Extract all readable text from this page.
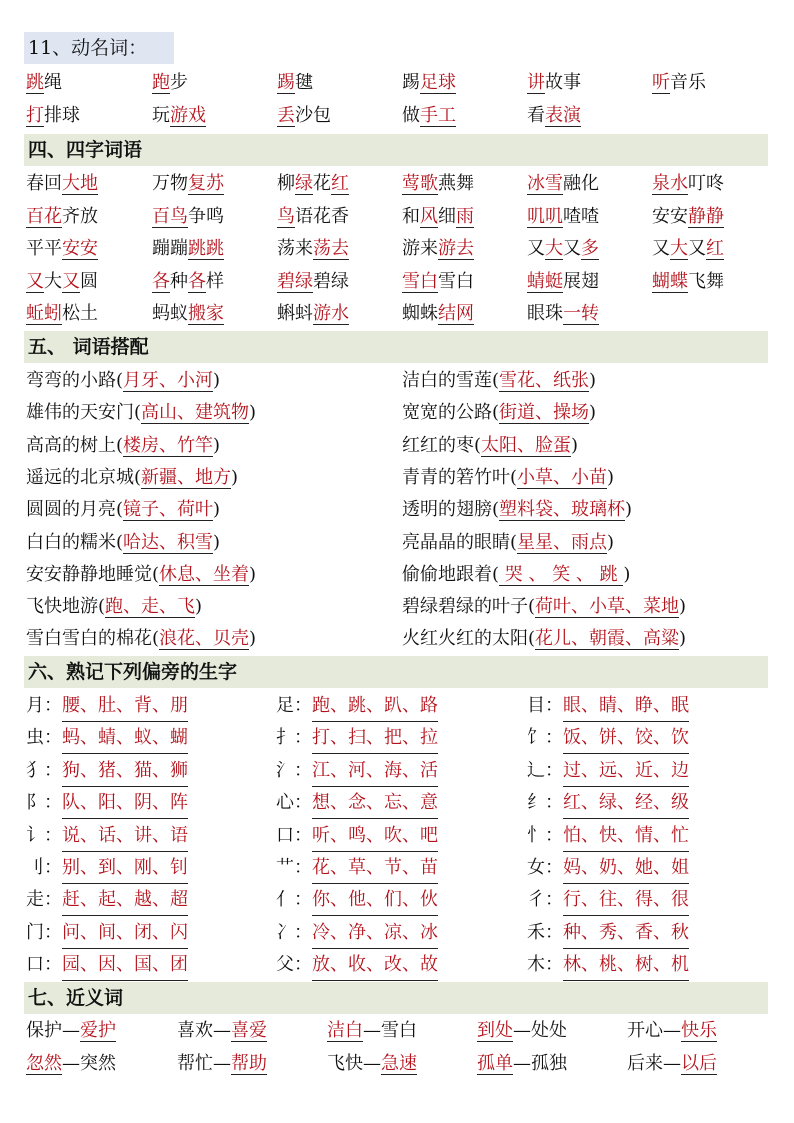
11、动名词：
跳绳	跑步	踢毽	踢足球	讲故事	听音乐
打排球	玩游戏	丢沙包	做手工	看表演
四、四字词语
春回大地	万物复苏	柳绿花红	莺歌燕舞	冰雪融化	泉水叮咚
百花齐放	百鸟争鸣	鸟语花香	和风细雨	叽叽喳喳	安安静静
平平安安	蹦蹦跳跳	荡来荡去	游来游去	又大又多	又大又红
又大又圆	各种各样	碧绿碧绿	雪白雪白	蜻蜓展翅	蝴蝶飞舞
蚯蚓松土	蚂蚁搬家	蝌蚪游水	蜘蛛结网	眼珠一转
五、 词语搭配
弯弯的小路(月牙、小河)	洁白的雪莲(雪花、纸张)
雄伟的天安门(高山、建筑物)	宽宽的公路(街道、操场)
高高的树上(楼房、竹竿)	红红的枣(太阳、脸蛋)
遥远的北京城(新疆、地方)	青青的箬竹叶(小草、小苗)
圆圆的月亮(镜子、荷叶)	透明的翅膀(塑料袋、玻璃杯)
白白的糯米(哈达、积雪)	亮晶晶的眼睛(星星、雨点)
安安静静地睡觉(休息、坐着)	偷偷地跟着( 哭 、 笑 、 跳 )
飞快地游(跑、走、飞)	碧绿碧绿的叶子(荷叶、小草、菜地)
雪白雪白的棉花(浪花、贝壳)	火红火红的太阳(花儿、朝霞、高粱)
六、熟记下列偏旁的生字
月：腰、肚、背、朋	足：跑、跳、趴、路	目：眼、睛、睁、眠
虫：蚂、蜻、蚁、蝴	扌：打、扫、把、拉	饣：饭、饼、饺、饮
犭：狗、猪、猫、狮	氵：江、河、海、活	辶：过、远、近、边
阝：队、阳、阴、阵	心：想、念、忘、意	纟：红、绿、经、级
讠：说、话、讲、语	口：听、鸣、吹、吧	忄：怕、快、情、忙
刂：别、到、刚、钊	艹：花、草、节、苗	女：妈、奶、她、姐
走：赶、起、越、超	亻：你、他、们、伙	彳：行、往、得、很
门：问、间、闭、闪	冫：冷、净、凉、冰	禾：种、秀、香、秋
口：园、因、国、团	父：放、收、改、故	木：林、桃、树、机
七、近义词
保护—爱护	喜欢—喜爱	洁白—雪白	到处—处处	开心—快乐
忽然—突然	帮忙—帮助	飞快—急速	孤单—孤独	后来—以后
